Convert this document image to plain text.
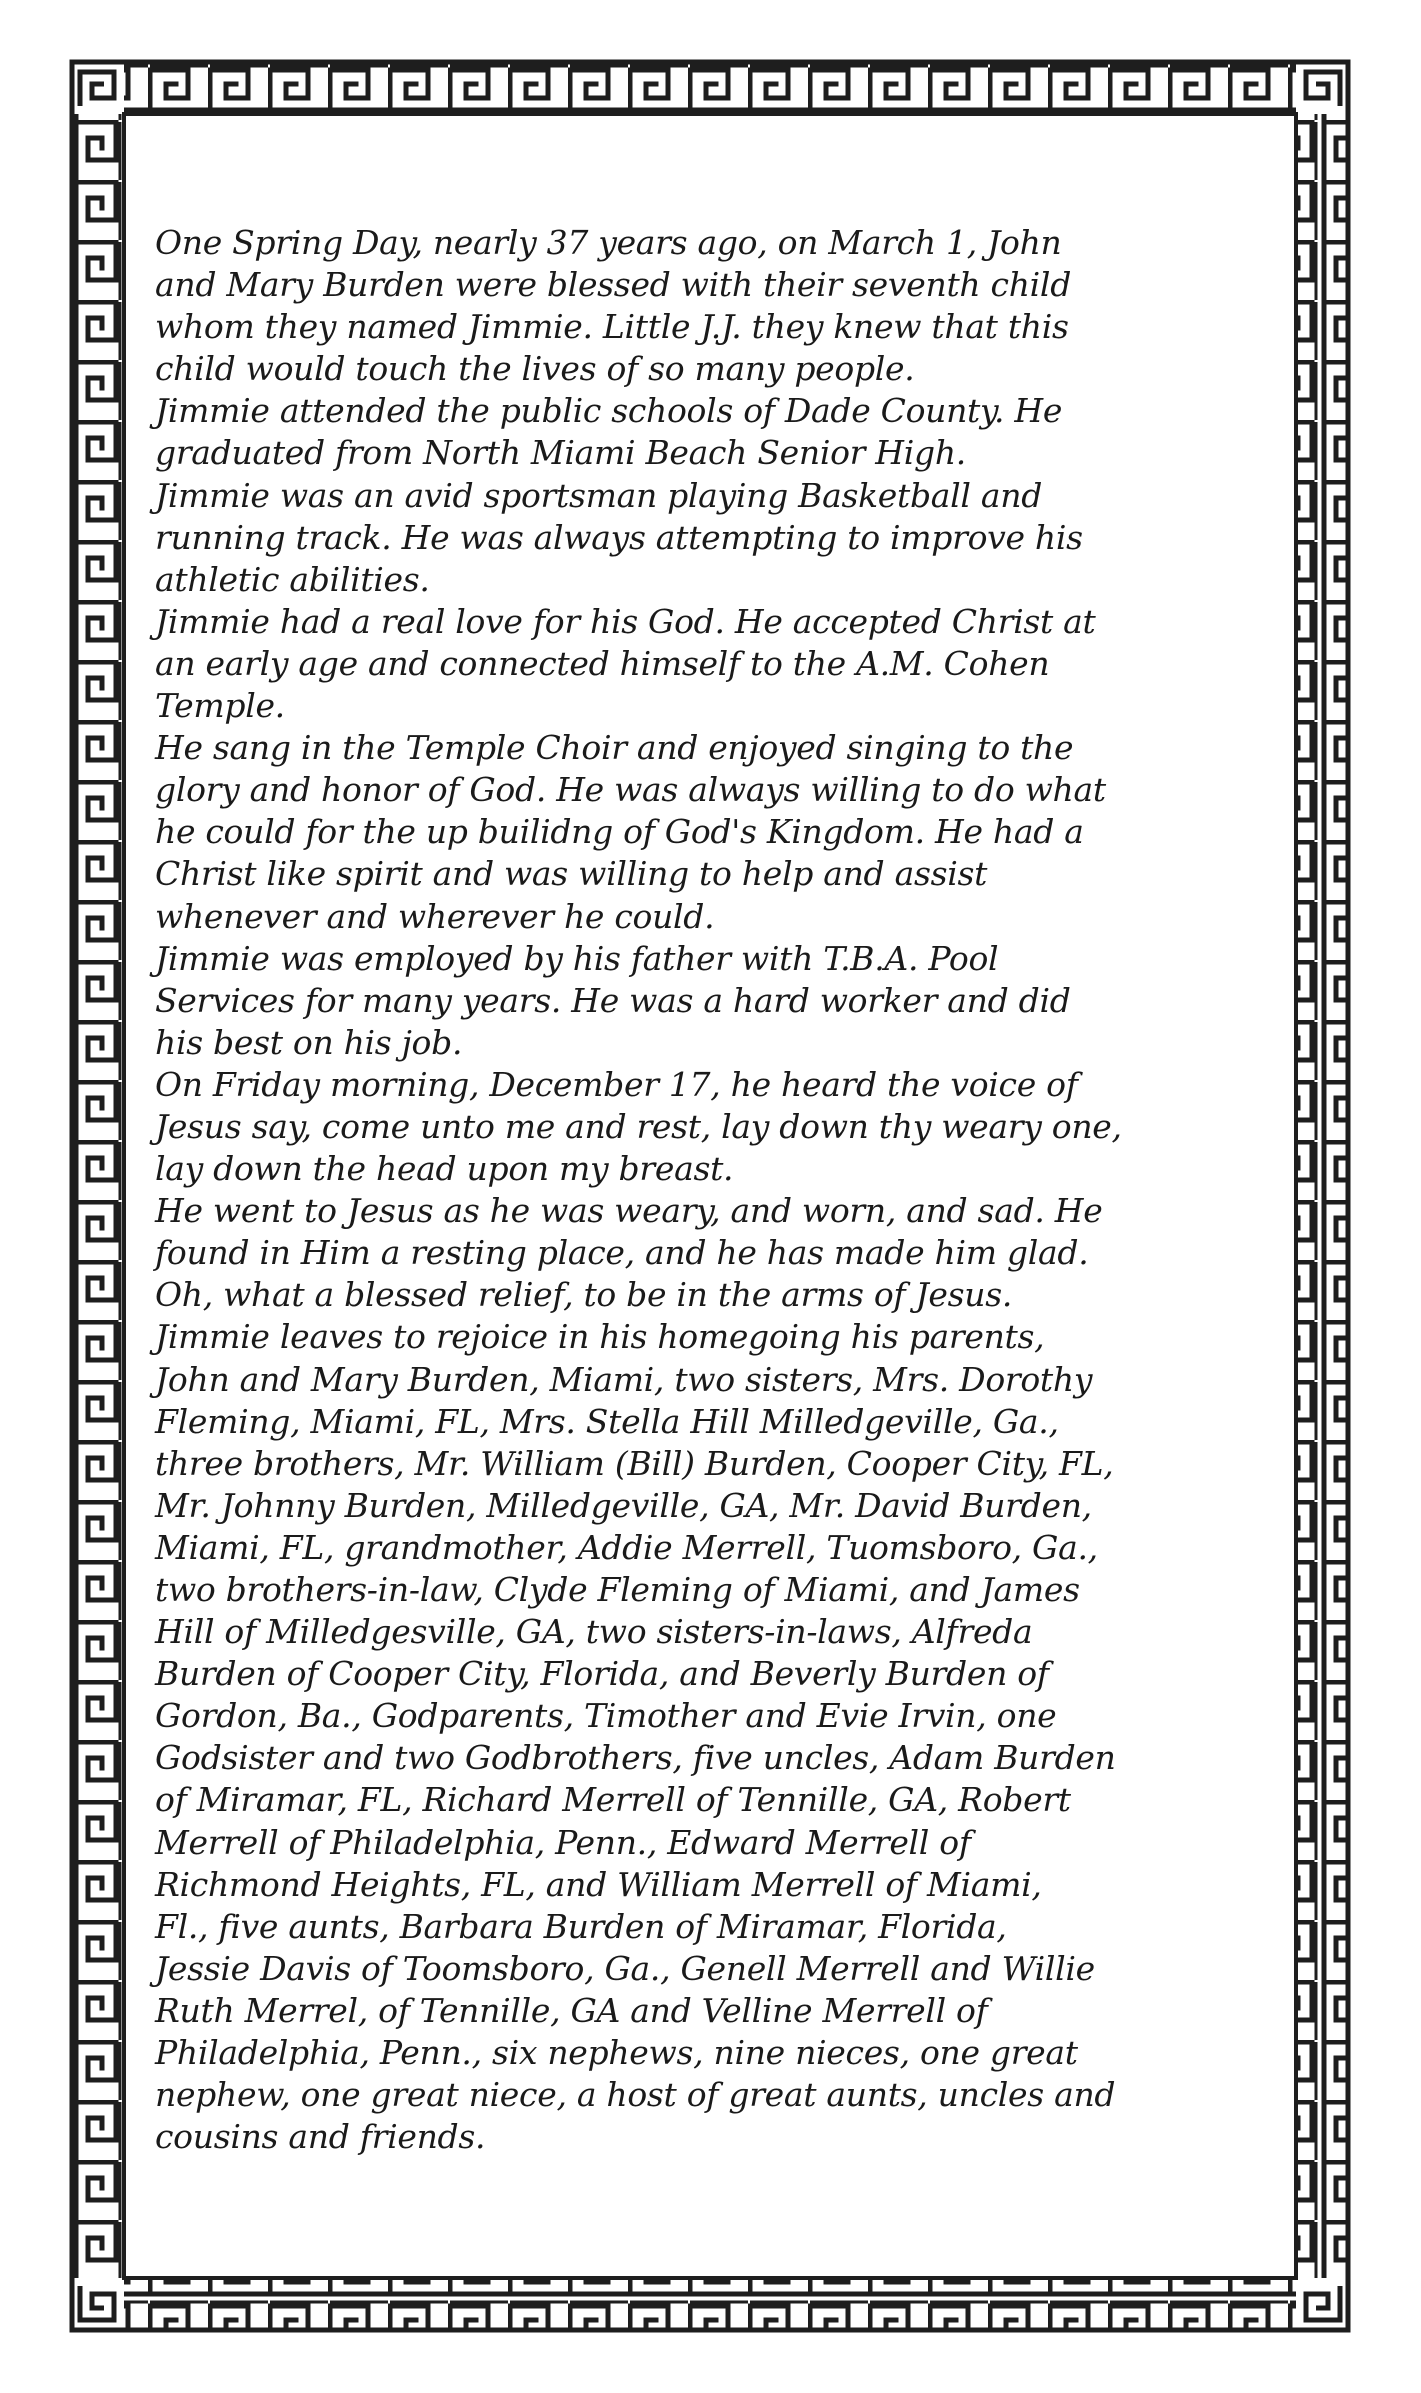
One Spring Day, nearly 37 years ago, on March 1, John
and Mary Burden were blessed with their seventh child
whom they named Jimmie. Little J.J. they knew that this
child would touch the lives of so many people.
Jimmie attended the public schools of Dade County. He
graduated from North Miami Beach Senior High.
Jimmie was an avid sportsman playing Basketball and
running track. He was always attempting to improve his
athletic abilities.
Jimmie had a real love for his God. He accepted Christ at
an early age and connected himself to the A.M. Cohen
Temple.
He sang in the Temple Choir and enjoyed singing to the
glory and honor of God. He was always willing to do what
he could for the up builidng of God's Kingdom. He had a
Christ like spirit and was willing to help and assist
whenever and wherever he could.
Jimmie was employed by his father with T.B.A. Pool
Services for many years. He was a hard worker and did
his best on his job.
On Friday morning, December 17, he heard the voice of
Jesus say, come unto me and rest, lay down thy weary one,
lay down the head upon my breast.
He went to Jesus as he was weary, and worn, and sad. He
found in Him a resting place, and he has made him glad.
Oh, what a blessed relief, to be in the arms of Jesus.
Jimmie leaves to rejoice in his homegoing his parents,
John and Mary Burden, Miami, two sisters, Mrs. Dorothy
Fleming, Miami, FL, Mrs. Stella Hill Milledgeville, Ga.,
three brothers, Mr. William (Bill) Burden, Cooper City, FL,
Mr. Johnny Burden, Milledgeville, GA, Mr. David Burden,
Miami, FL, grandmother, Addie Merrell, Tuomsboro, Ga.,
two brothers-in-law, Clyde Fleming of Miami, and James
Hill of Milledgesville, GA, two sisters-in-laws, Alfreda
Burden of Cooper City, Florida, and Beverly Burden of
Gordon, Ba., Godparents, Timother and Evie Irvin, one
Godsister and two Godbrothers, five uncles, Adam Burden
of Miramar, FL, Richard Merrell of Tennille, GA, Robert
Merrell of Philadelphia, Penn., Edward Merrell of
Richmond Heights, FL, and William Merrell of Miami,
Fl., five aunts, Barbara Burden of Miramar, Florida,
Jessie Davis of Toomsboro, Ga., Genell Merrell and Willie
Ruth Merrel, of Tennille, GA and Velline Merrell of
Philadelphia, Penn., six nephews, nine nieces, one great
nephew, one great niece, a host of great aunts, uncles and
cousins and friends.
